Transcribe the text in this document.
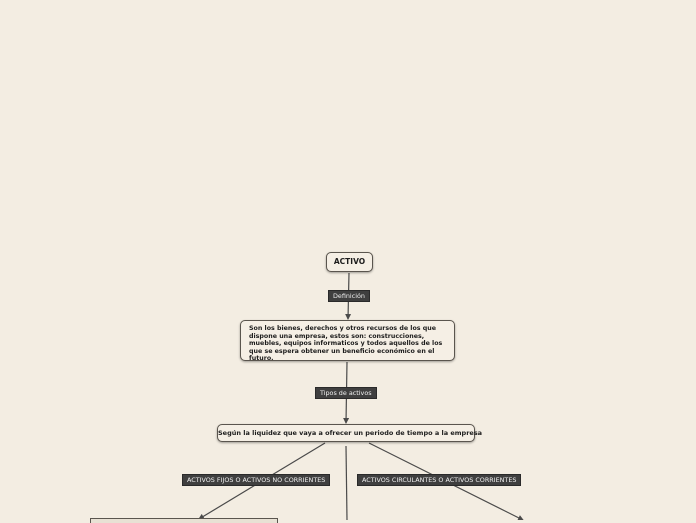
ACTIVO
Son los bienes, derechos y otros recursos de los que dispone una empresa, estos son: construcciones, muebles, equipos informaticos y todos aquellos de los que se espera obtener un beneficio económico en el futuro.
Según la liquidez que vaya a ofrecer un periodo de tiempo a la empresa
Definición
Tipos de activos
ACTIVOS FIJOS O ACTIVOS NO CORRIENTES	ACTIVOS CIRCULANTES O ACTIVOS CORRIENTES
